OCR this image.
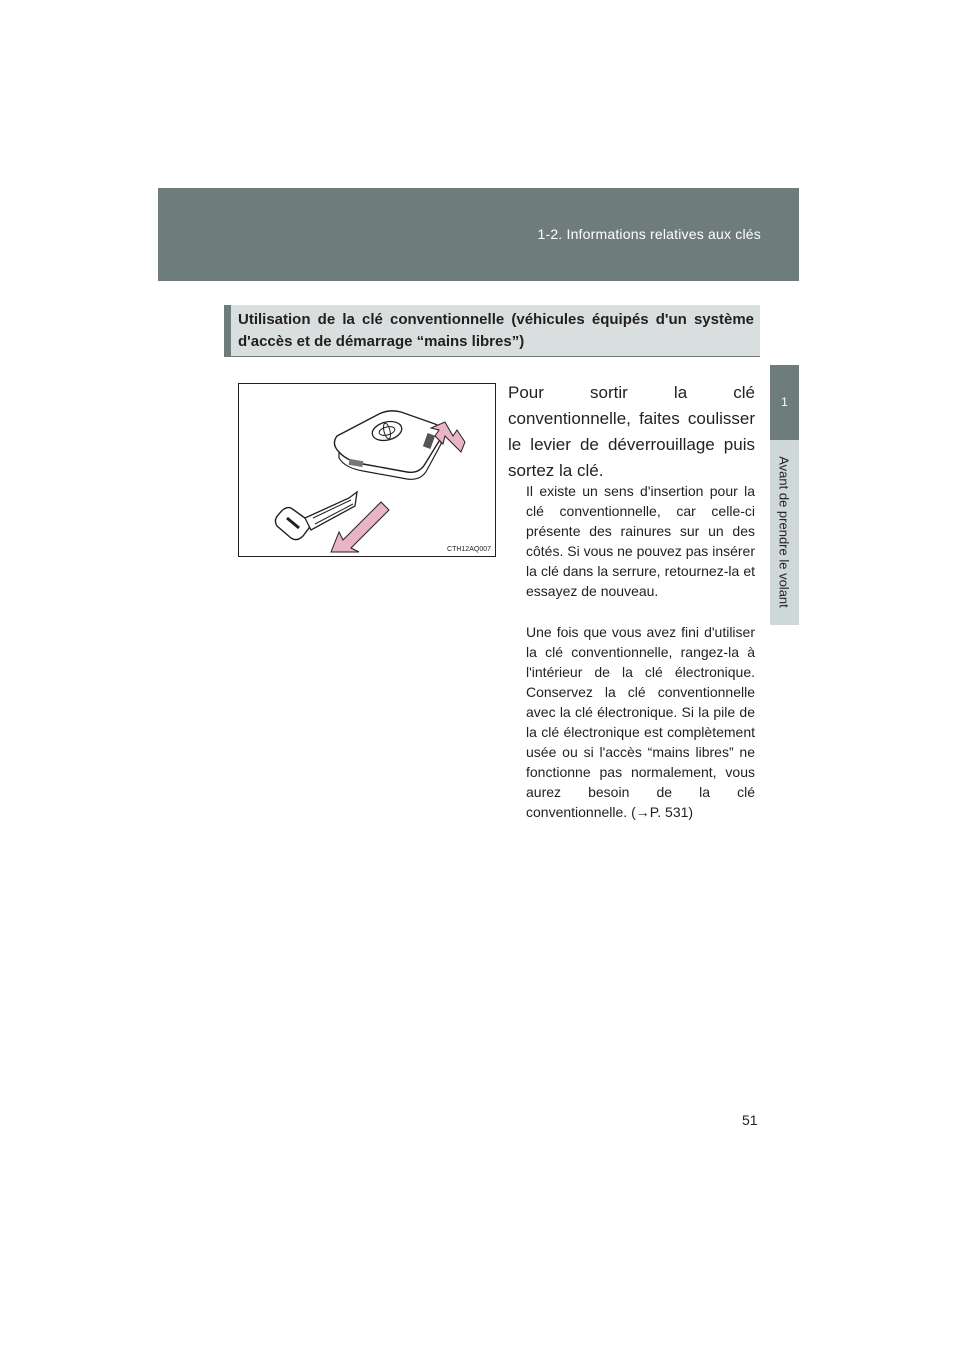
1-2. Informations relatives aux clés
1
Avant de prendre le volant
Utilisation de la clé conventionnelle (véhicules équipés d'un système d'accès et de démarrage “mains libres”)
CTH12AQ007

Pour sortir la clé conventionnelle, faites coulisser le levier de déverrouillage puis sortez la clé.

Il existe un sens d'insertion pour la clé conventionnelle, car celle-ci présente des rainures sur un des côtés. Si vous ne pouvez pas insérer la clé dans la serrure, retournez-la et essayez de nouveau.

Une fois que vous avez fini d'utiliser la clé conventionnelle, rangez-la à l'intérieur de la clé électronique. Conservez la clé conventionnelle avec la clé électronique. Si la pile de la clé électronique est complètement usée ou si l'accès “mains libres” ne fonctionne pas normalement, vous aurez besoin de la clé conventionnelle. (→P. 531)

51
